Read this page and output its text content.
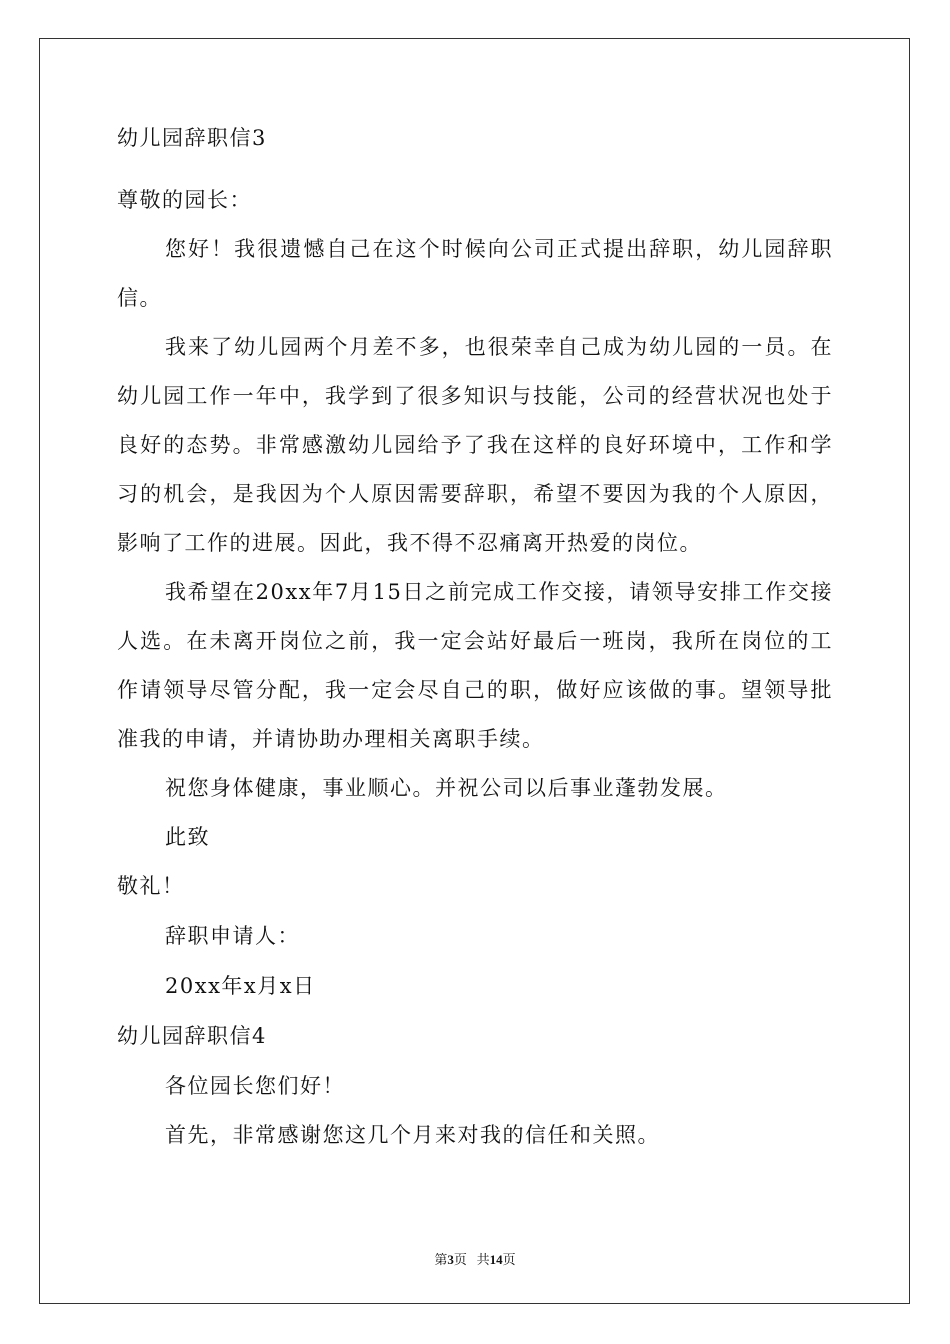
幼儿园辞职信3
尊敬的园长：
您好！我很遗憾自己在这个时候向公司正式提出辞职，幼儿园辞职信。
我来了幼儿园两个月差不多，也很荣幸自己成为幼儿园的一员。在幼儿园工作一年中，我学到了很多知识与技能，公司的经营状况也处于良好的态势。非常感激幼儿园给予了我在这样的良好环境中，工作和学习的机会，是我因为个人原因需要辞职，希望不要因为我的个人原因，影响了工作的进展。因此，我不得不忍痛离开热爱的岗位。
我希望在20xx年7月15日之前完成工作交接，请领导安排工作交接人选。在未离开岗位之前，我一定会站好最后一班岗，我所在岗位的工作请领导尽管分配，我一定会尽自己的职，做好应该做的事。望领导批准我的申请，并请协助办理相关离职手续。
祝您身体健康，事业顺心。并祝公司以后事业蓬勃发展。
此致
敬礼！
辞职申请人：
20xx年x月x日
幼儿园辞职信4
各位园长您们好！
首先，非常感谢您这几个月来对我的信任和关照。
第3页 共14页
